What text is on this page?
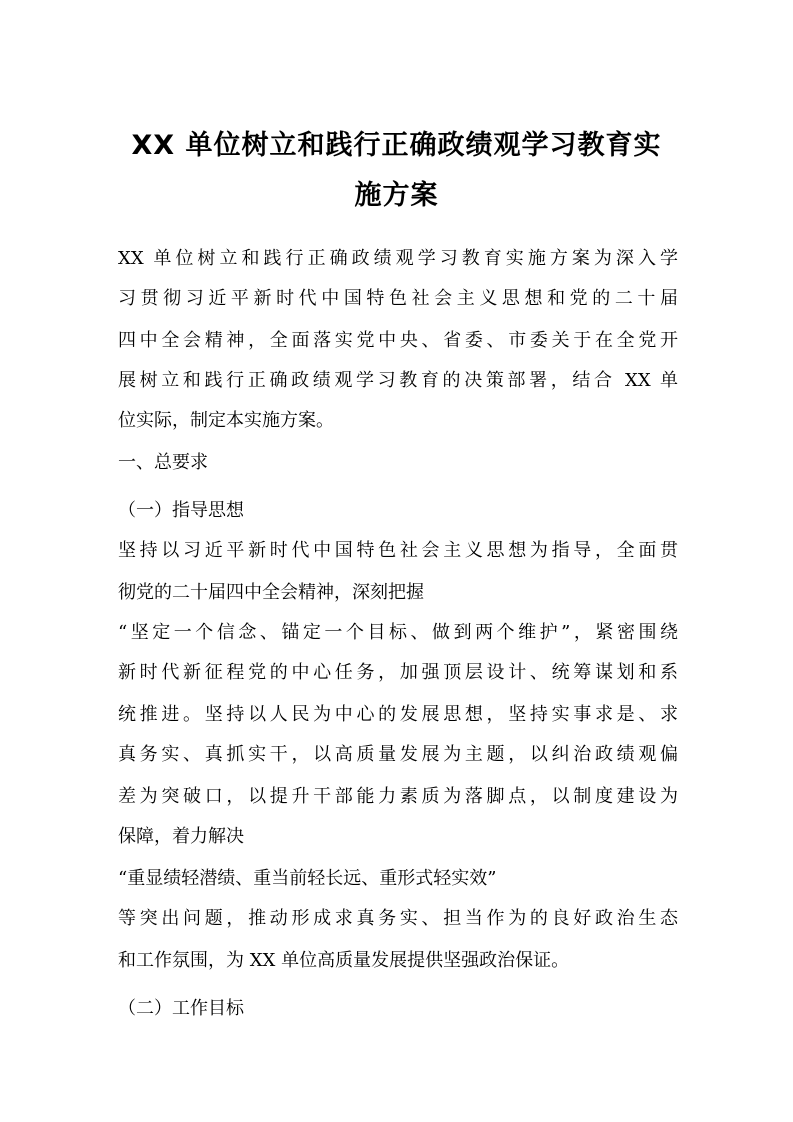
XX 单位树立和践行正确政绩观学习教育实
施方案
XX 单位树立和践行正确政绩观学习教育实施方案为深入学
习贯彻习近平新时代中国特色社会主义思想和党的二十届
四中全会精神，全面落实党中央、省委、市委关于在全党开
展树立和践行正确政绩观学习教育的决策部署，结合 XX 单
位实际，制定本实施方案。
一、总要求
（一）指导思想
坚持以习近平新时代中国特色社会主义思想为指导，全面贯
彻党的二十届四中全会精神，深刻把握
“坚定一个信念、锚定一个目标、做到两个维护”，紧密围绕
新时代新征程党的中心任务，加强顶层设计、统筹谋划和系
统推进。坚持以人民为中心的发展思想，坚持实事求是、求
真务实、真抓实干，以高质量发展为主题，以纠治政绩观偏
差为突破口，以提升干部能力素质为落脚点，以制度建设为
保障，着力解决
“重显绩轻潜绩、重当前轻长远、重形式轻实效”
等突出问题，推动形成求真务实、担当作为的良好政治生态
和工作氛围，为 XX 单位高质量发展提供坚强政治保证。
（二）工作目标
